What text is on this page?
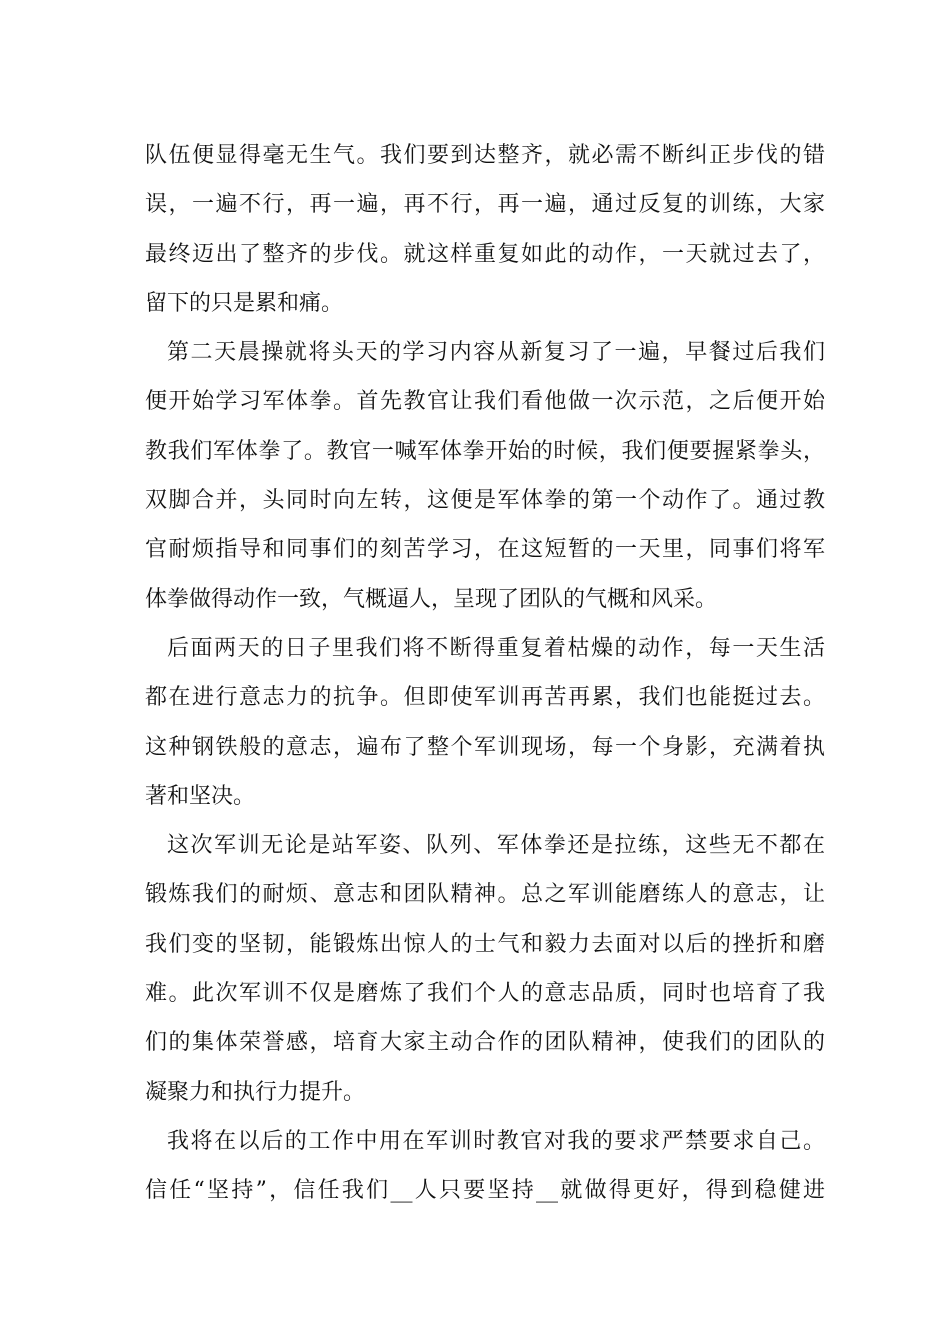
队伍便显得毫无生气。我们要到达整齐，就必需不断纠正步伐的错
误，一遍不行，再一遍，再不行，再一遍，通过反复的训练，大家
最终迈出了整齐的步伐。就这样重复如此的动作，一天就过去了，
留下的只是累和痛。
第二天晨操就将头天的学习内容从新复习了一遍，早餐过后我们
便开始学习军体拳。首先教官让我们看他做一次示范，之后便开始
教我们军体拳了。教官一喊军体拳开始的时候，我们便要握紧拳头，
双脚合并，头同时向左转，这便是军体拳的第一个动作了。通过教
官耐烦指导和同事们的刻苦学习，在这短暂的一天里，同事们将军
体拳做得动作一致，气概逼人，呈现了团队的气概和风采。
后面两天的日子里我们将不断得重复着枯燥的动作，每一天生活
都在进行意志力的抗争。但即使军训再苦再累，我们也能挺过去。
这种钢铁般的意志，遍布了整个军训现场，每一个身影，充满着执
著和坚决。
这次军训无论是站军姿、队列、军体拳还是拉练，这些无不都在
锻炼我们的耐烦、意志和团队精神。总之军训能磨练人的意志，让
我们变的坚韧，能锻炼出惊人的士气和毅力去面对以后的挫折和磨
难。此次军训不仅是磨炼了我们个人的意志品质，同时也培育了我
们的集体荣誉感，培育大家主动合作的团队精神，使我们的团队的
凝聚力和执行力提升。
我将在以后的工作中用在军训时教官对我的要求严禁要求自己。
信任“坚持”，信任我们__人只要坚持__就做得更好，得到稳健进
